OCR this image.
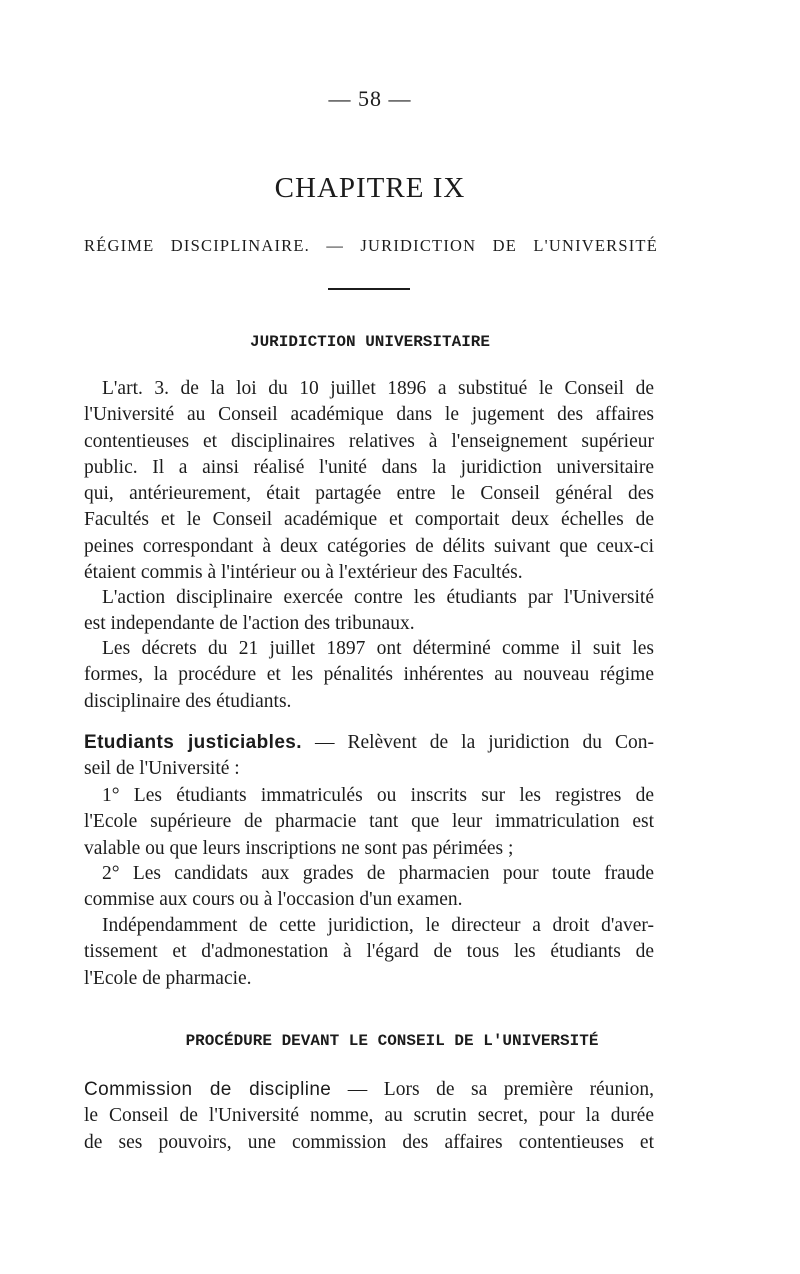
— 58 —
CHAPITRE IX
RÉGIME DISCIPLINAIRE. — JURIDICTION DE L'UNIVERSITÉ
JURIDICTION UNIVERSITAIRE

L'art. 3. de la loi du 10 juillet 1896 a substitué le Conseil de
l'Université au Conseil académique dans le jugement des affaires
contentieuses et disciplinaires relatives à l'enseignement supérieur
public. Il a ainsi réalisé l'unité dans la juridiction universitaire
qui, antérieurement, était partagée entre le Conseil général des
Facultés et le Conseil académique et comportait deux échelles de
peines correspondant à deux catégories de délits suivant que ceux-ci
étaient commis à l'intérieur ou à l'extérieur des Facultés.

L'action disciplinaire exercée contre les étudiants par l'Université
est independante de l'action des tribunaux.

Les décrets du 21 juillet 1897 ont déterminé comme il suit les
formes, la procédure et les pénalités inhérentes au nouveau régime
disciplinaire des étudiants.

Etudiants justiciables. — Relèvent de la juridiction du Con-
seil de l'Université :

1° Les étudiants immatriculés ou inscrits sur les registres de
l'Ecole supérieure de pharmacie tant que leur immatriculation est
valable ou que leurs inscriptions ne sont pas périmées ;

2° Les candidats aux grades de pharmacien pour toute fraude
commise aux cours ou à l'occasion d'un examen.

Indépendamment de cette juridiction, le directeur a droit d'aver-
tissement et d'admonestation à l'égard de tous les étudiants de
l'Ecole de pharmacie.

PROCÉDURE DEVANT LE CONSEIL DE L'UNIVERSITÉ

Commission de discipline — Lors de sa première réunion,
le Conseil de l'Université nomme, au scrutin secret, pour la durée
de ses pouvoirs, une commission des affaires contentieuses et
